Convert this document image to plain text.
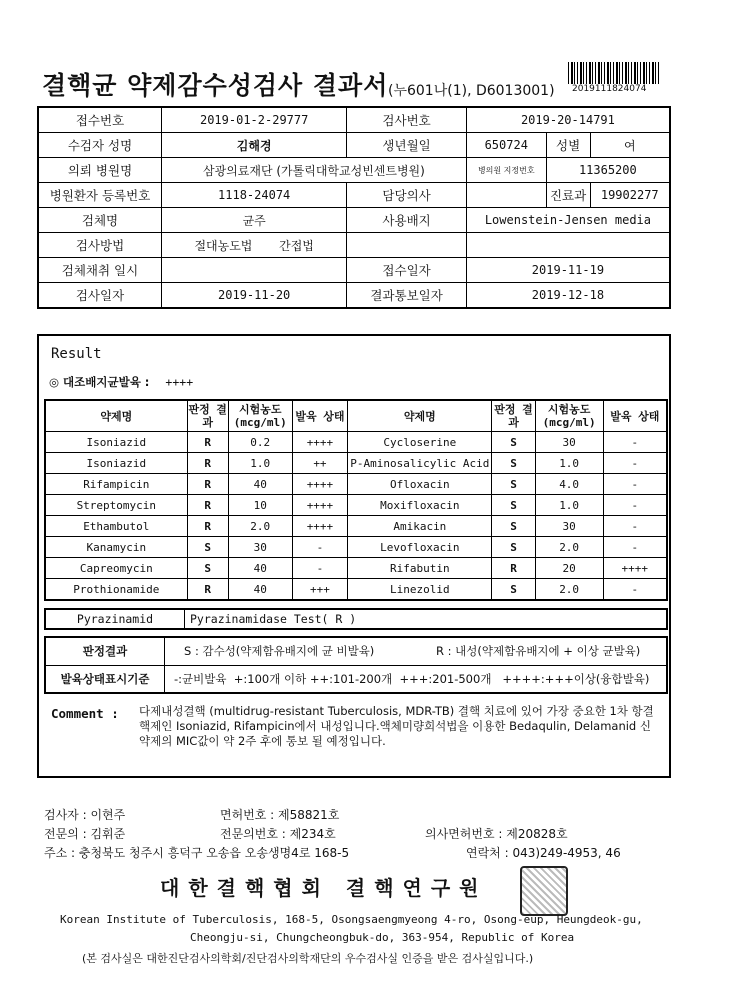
결핵균 약제감수성검사 결과서 (누601나(1), D6013001) 2019111824074
접수번호	2019-01-2-29777	검사번호	2019-20-14791		
수검자 성명	김해경	생년월일	650724	성별	여
의뢰 병원명	삼광의료재단 (가톨릭대학교성빈센트병원)		병의원 지정번호	11365200	
병원환자 등록번호	1118-24074	담당의사		진료과	19902277
검체명	균주	사용배지	Lowenstein-Jensen media		
검사방법	절대농도법 간접법				
검체채취 일시		접수일자	2019-11-19		
검사일자	2019-11-20	결과통보일자	2019-12-18		
Result
◎ 대조배지균발육 : ++++
약제명	판정 결과	시험농도 (mcg/ml)	발육 상태	약제명	판정 결과	시험농도 (mcg/ml)	발육 상태
Isoniazid	R	0.2	++++	Cycloserine	S	30	-
Isoniazid	R	1.0	++	P-Aminosalicylic Acid	S	1.0	-
Rifampicin	R	40	++++	Ofloxacin	S	4.0	-
Streptomycin	R	10	++++	Moxifloxacin	S	1.0	-
Ethambutol	R	2.0	++++	Amikacin	S	30	-
Kanamycin	S	30	-	Levofloxacin	S	2.0	-
Capreomycin	S	40	-	Rifabutin	R	20	++++
Prothionamide	R	40	+++	Linezolid	S	2.0	-
Pyrazinamid	Pyrazinamidase Test( R )
판정결과	S : 감수성(약제함유배지에 균 비발육)	R : 내성(약제함유배지에 + 이상 균발육)
발육상태표시기준	-:균비발육  +:100개 이하 ++:101-200개  +++:201-500개   ++++:+++이상(융합발육)
Comment : 다제내성결핵 (multidrug-resistant Tuberculosis, MDR-TB) 결핵 치료에 있어 가장 중요한 1차 항결핵제인 Isoniazid, Rifampicin에서 내성입니다.액체미량희석법을 이용한 Bedaqulin, Delamanid 신약제의 MIC값이 약 2주 후에 통보 될 예정입니다.
검사자 : 이현주	면허번호 : 제58821호
전문의 : 김휘준	전문의번호 : 제234호	의사면허번호 : 제20828호
주소 : 충청북도 청주시 흥덕구 오송읍 오송생명4로 168-5	연락처 : 043)249-4953, 46
대한결핵협회 결핵연구원
Korean Institute of Tuberculosis, 168-5, Osongsaengmyeong 4-ro, Osong-eup, Heungdeok-gu,
Cheongju-si, Chungcheongbuk-do, 363-954, Republic of Korea
(본 검사실은 대한진단검사의학회/진단검사의학재단의 우수검사실 인증을 받은 검사실입니다.)
